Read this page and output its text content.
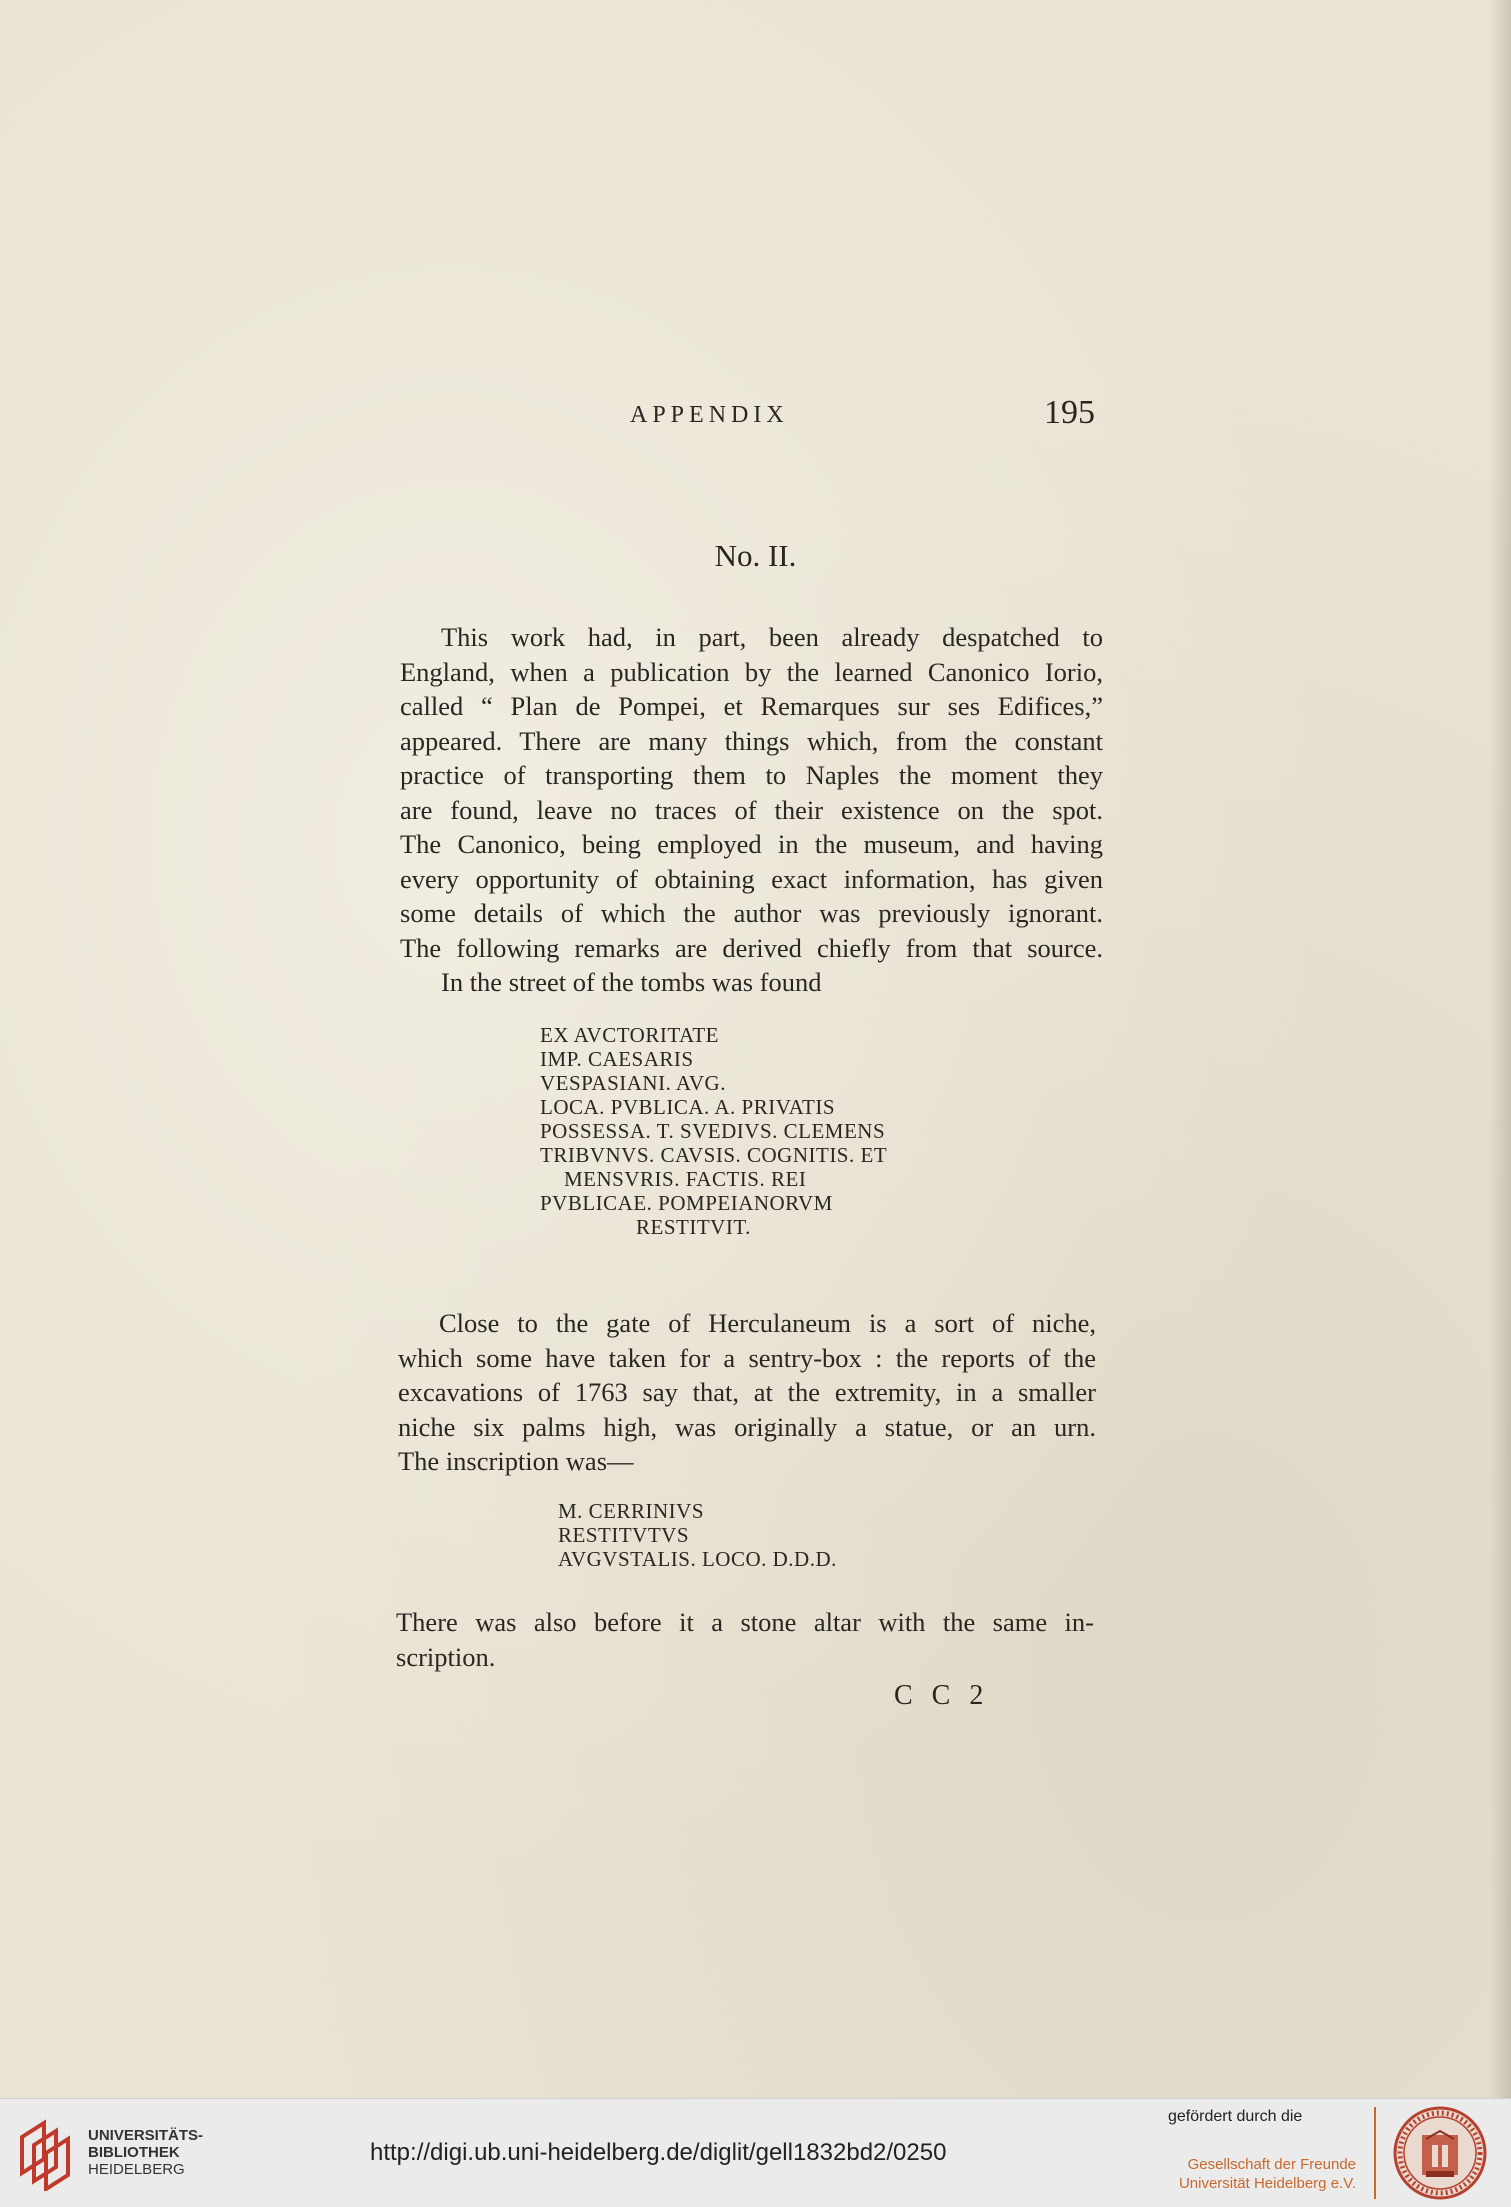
APPENDIX	195
No. II.
This work had, in part, been already despatched to
England, when a publication by the learned Canonico Iorio,
called “ Plan de Pompei, et Remarques sur ses Edifices,”
appeared. There are many things which, from the constant
practice of transporting them to Naples the moment they
are found, leave no traces of their existence on the spot.
The Canonico, being employed in the museum, and having
every opportunity of obtaining exact information, has given
some details of which the author was previously ignorant.
The following remarks are derived chiefly from that source.
In the street of the tombs was found
EX AVCTORITATE
IMP. CAESARIS
VESPASIANI. AVG.
LOCA. PVBLICA. A. PRIVATIS
POSSESSA. T. SVEDIVS. CLEMENS
TRIBVNVS. CAVSIS. COGNITIS. ET
MENSVRIS. FACTIS. REI
PVBLICAE. POMPEIANORVM
RESTITVIT.
Close to the gate of Herculaneum is a sort of niche,
which some have taken for a sentry-box : the reports of the
excavations of 1763 say that, at the extremity, in a smaller
niche six palms high, was originally a statue, or an urn.
The inscription was—
M. CERRINIVS
RESTITVTVS
AVGVSTALIS. LOCO. D.D.D.
There was also before it a stone altar with the same in-
scription.
C C 2
UNIVERSITÄTS-
BIBLIOTHEK
HEIDELBERG
http://digi.ub.uni-heidelberg.de/diglit/gell1832bd2/0250
gefördert durch die
Gesellschaft der Freunde
Universität Heidelberg e.V.
